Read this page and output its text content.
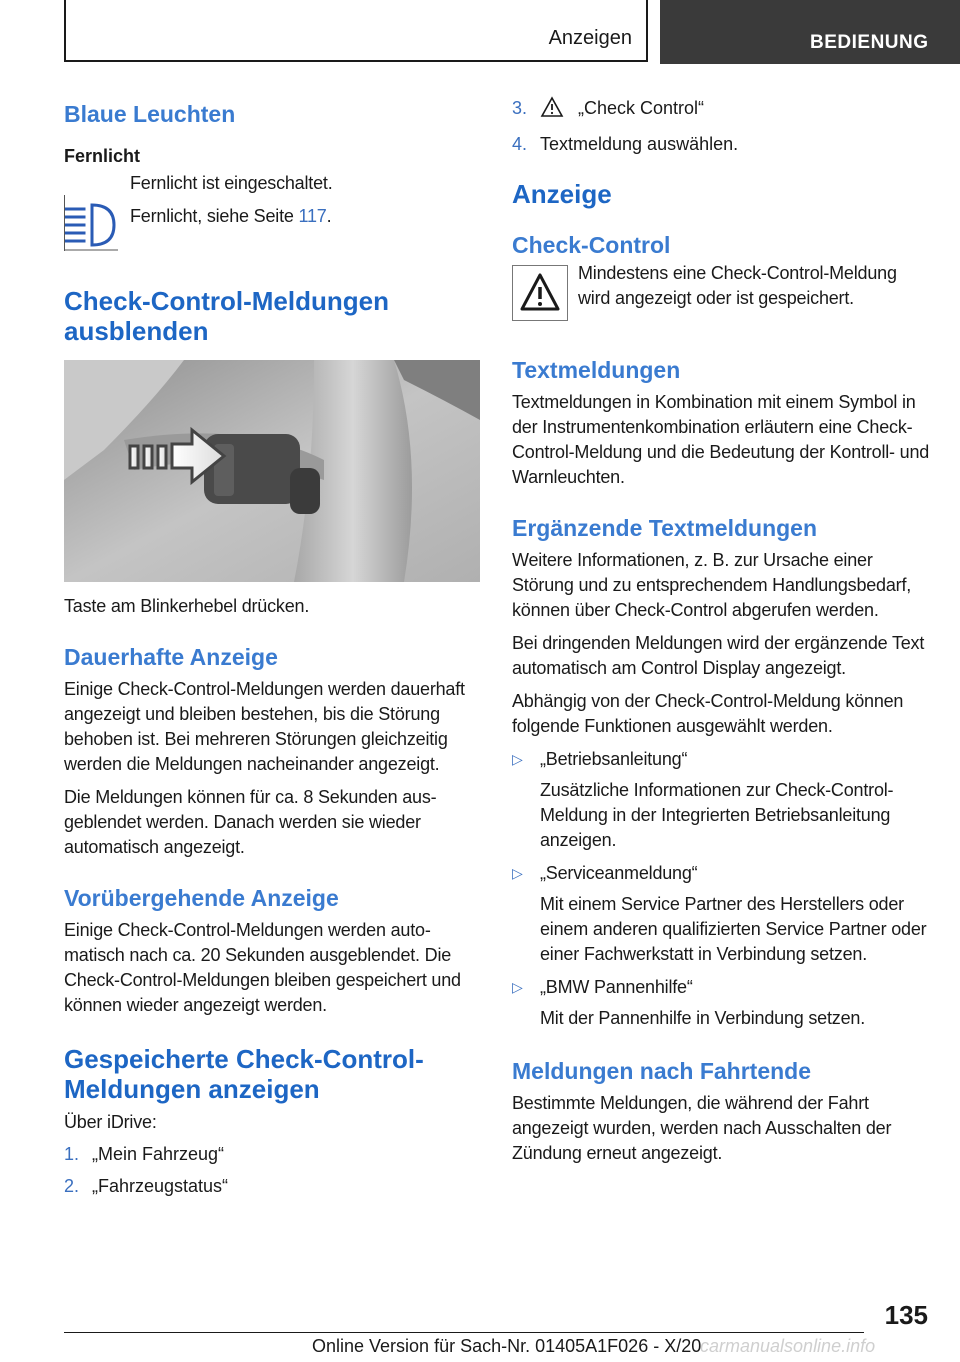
Anzeigen	BEDIENUNG
Blaue Leuchten
Fernlicht

Fernlicht ist eingeschaltet.

Fernlicht, siehe Seite 117.

Check-Control-Meldungen
ausblenden

Taste am Blinkerhebel drücken.

Dauerhafte Anzeige

Einige Check-Control-Meldungen werden dauerhaft angezeigt und bleiben bestehen, bis die Störung behoben ist. Bei mehreren Störungen gleichzeitig werden die Meldungen nacheinander angezeigt.

Die Meldungen können für ca. 8 Sekunden ausgeblendet werden. Danach werden sie wieder automatisch angezeigt.

Vorübergehende Anzeige

Einige Check-Control-Meldungen werden automatisch nach ca. 20 Sekunden ausgeblendet. Die Check-Control-Meldungen bleiben gespeichert und können wieder angezeigt werden.

Gespeicherte Check-Control-
Meldungen anzeigen

Über iDrive:

1. „Mein Fahrzeug“
2. „Fahrzeugstatus“
3.	„Check Control“
4. Textmeldung auswählen.
Anzeige
Check-Control

Mindestens eine Check-Control-Meldung wird angezeigt oder ist gespeichert.

Textmeldungen

Textmeldungen in Kombination mit einem Symbol in der Instrumentenkombination erläutern eine Check-Control-Meldung und die Bedeutung der Kontroll- und Warnleuchten.

Ergänzende Textmeldungen

Weitere Informationen, z. B. zur Ursache einer Störung und zu entsprechendem Handlungsbedarf, können über Check-Control abgerufen werden.

Bei dringenden Meldungen wird der ergänzende Text automatisch am Control Display angezeigt.

Abhängig von der Check-Control-Meldung können folgende Funktionen ausgewählt werden.

▷ „Betriebsanleitung“

Zusätzliche Informationen zur Check-Control-Meldung in der Integrierten Betriebsanleitung anzeigen.

▷ „Serviceanmeldung“

Mit einem Service Partner des Herstellers oder einem anderen qualifizierten Service Partner oder einer Fachwerkstatt in Verbindung setzen.

▷ „BMW Pannenhilfe“

Mit der Pannenhilfe in Verbindung setzen.

Meldungen nach Fahrtende

Bestimmte Meldungen, die während der Fahrt angezeigt wurden, werden nach Ausschalten der Zündung erneut angezeigt.

135
Online Version für Sach-Nr. 01405A1F026 - X/20
carmanualsonline.info
